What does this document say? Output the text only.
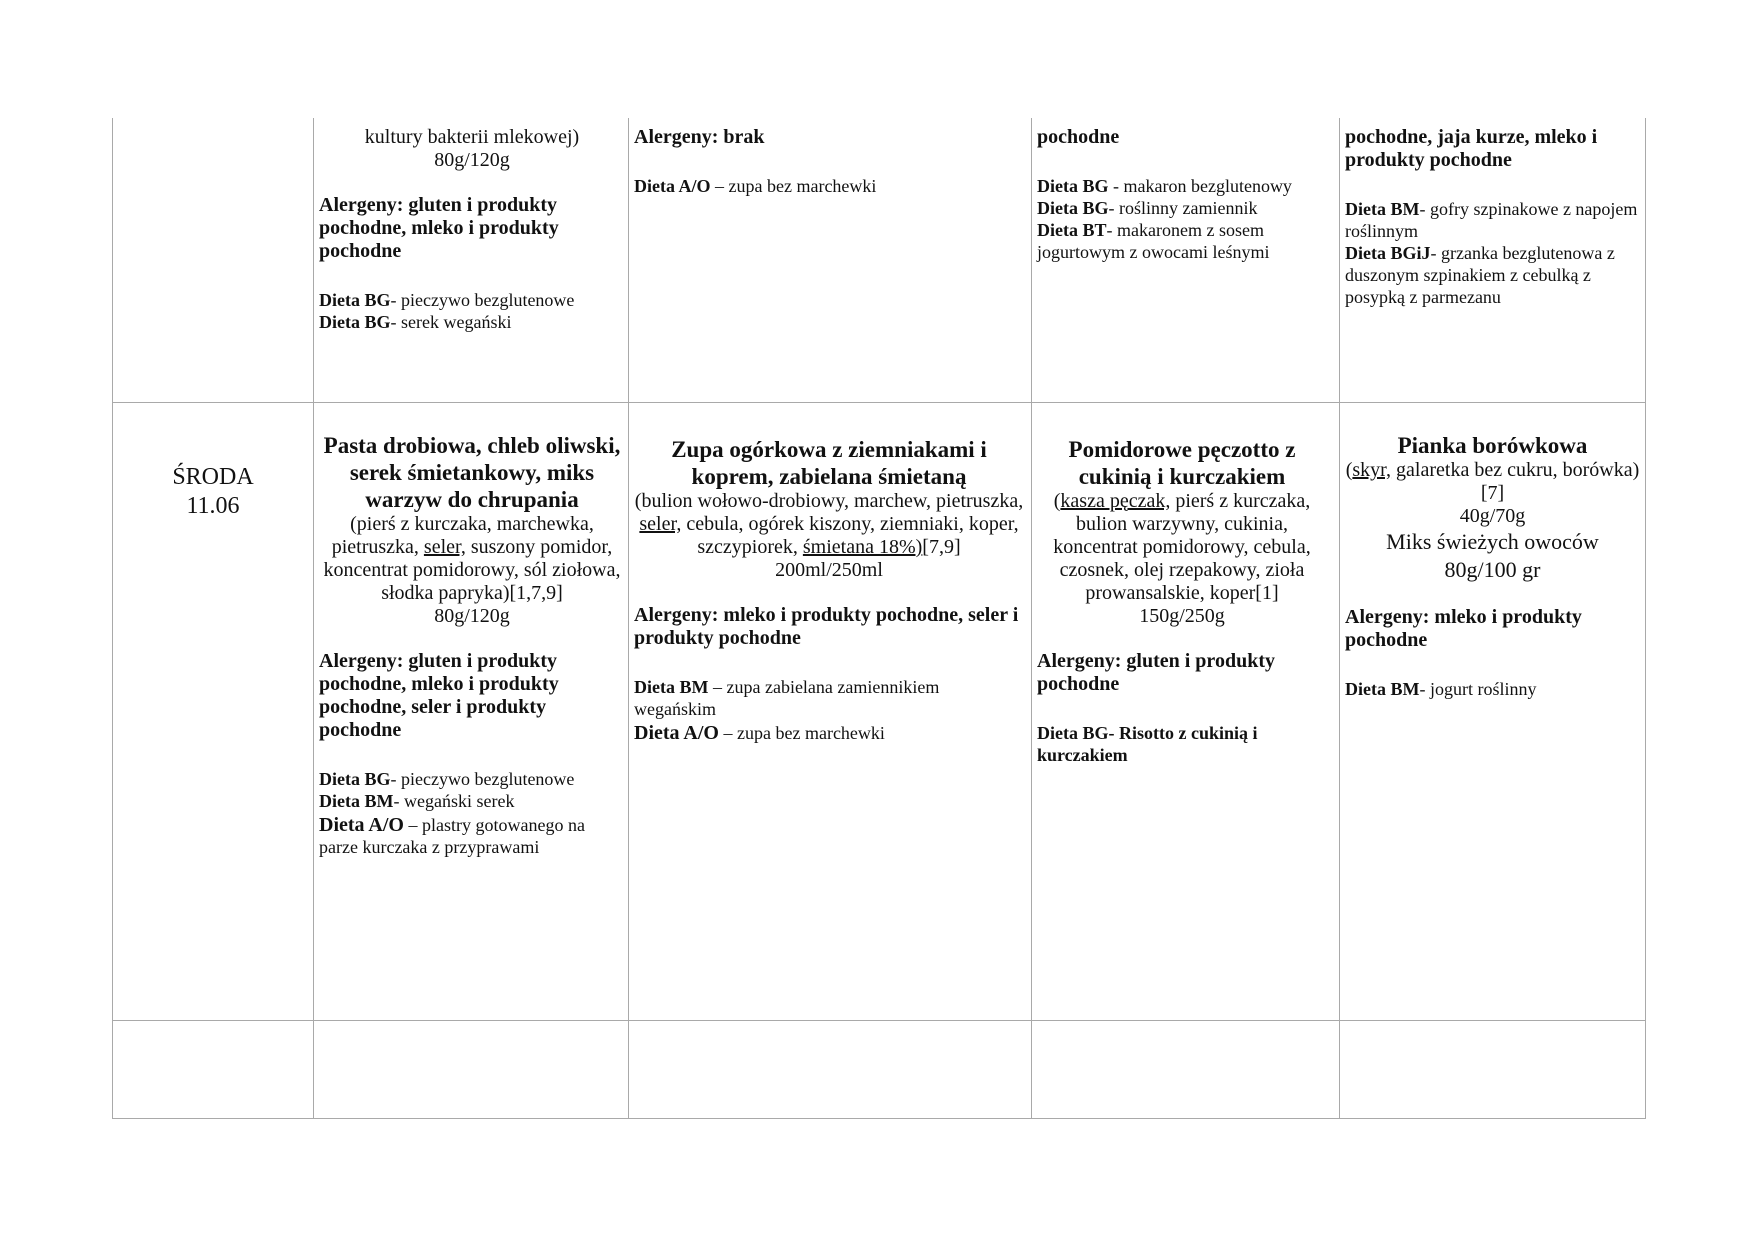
kultury bakterii mlekowej)

80g/120g

Alergeny: gluten i produkty pochodne, mleko i produkty pochodne

Dieta BG- pieczywo bezglutenowe

Dieta BG- serek wegański

Alergeny: brak

Dieta A/O – zupa bez marchewki

pochodne

Dieta BG - makaron bezglutenowy

Dieta BG- roślinny zamiennik

Dieta BT- makaronem z sosem jogurtowym z owocami leśnymi

pochodne, jaja kurze, mleko i produkty pochodne

Dieta BM- gofry szpinakowe z napojem roślinnym

Dieta BGiJ- grzanka bezglutenowa z duszonym szpinakiem z cebulką z posypką z parmezanu

ŚRODA

11.06

Pasta drobiowa, chleb oliwski, serek śmietankowy, miks warzyw do chrupania

(pierś z kurczaka, marchewka, pietruszka, seler, suszony pomidor, koncentrat pomidorowy, sól ziołowa, słodka papryka)[1,7,9]

80g/120g

Alergeny: gluten i produkty pochodne, mleko i produkty pochodne, seler i produkty pochodne

Dieta BG- pieczywo bezglutenowe

Dieta BM- wegański serek

Dieta A/O – plastry gotowanego na parze kurczaka z przyprawami

Zupa ogórkowa z ziemniakami i koprem, zabielana śmietaną

(bulion wołowo-drobiowy, marchew, pietruszka, seler, cebula, ogórek kiszony, ziemniaki, koper, szczypiorek, śmietana 18%)[7,9]

200ml/250ml

Alergeny: mleko i produkty pochodne, seler i produkty pochodne

Dieta BM – zupa zabielana zamiennikiem wegańskim

Dieta A/O – zupa bez marchewki

Pomidorowe pęczotto z cukinią i kurczakiem

(kasza pęczak, pierś z kurczaka, bulion warzywny, cukinia, koncentrat pomidorowy, cebula, czosnek, olej rzepakowy, zioła prowansalskie, koper[1]

150g/250g

Alergeny: gluten i produkty pochodne

Dieta BG- Risotto z cukinią i kurczakiem

Pianka borówkowa

(skyr, galaretka bez cukru, borówka)[7]

40g/70g

Miks świeżych owoców

80g/100 gr

Alergeny: mleko i produkty pochodne

Dieta BM- jogurt roślinny
